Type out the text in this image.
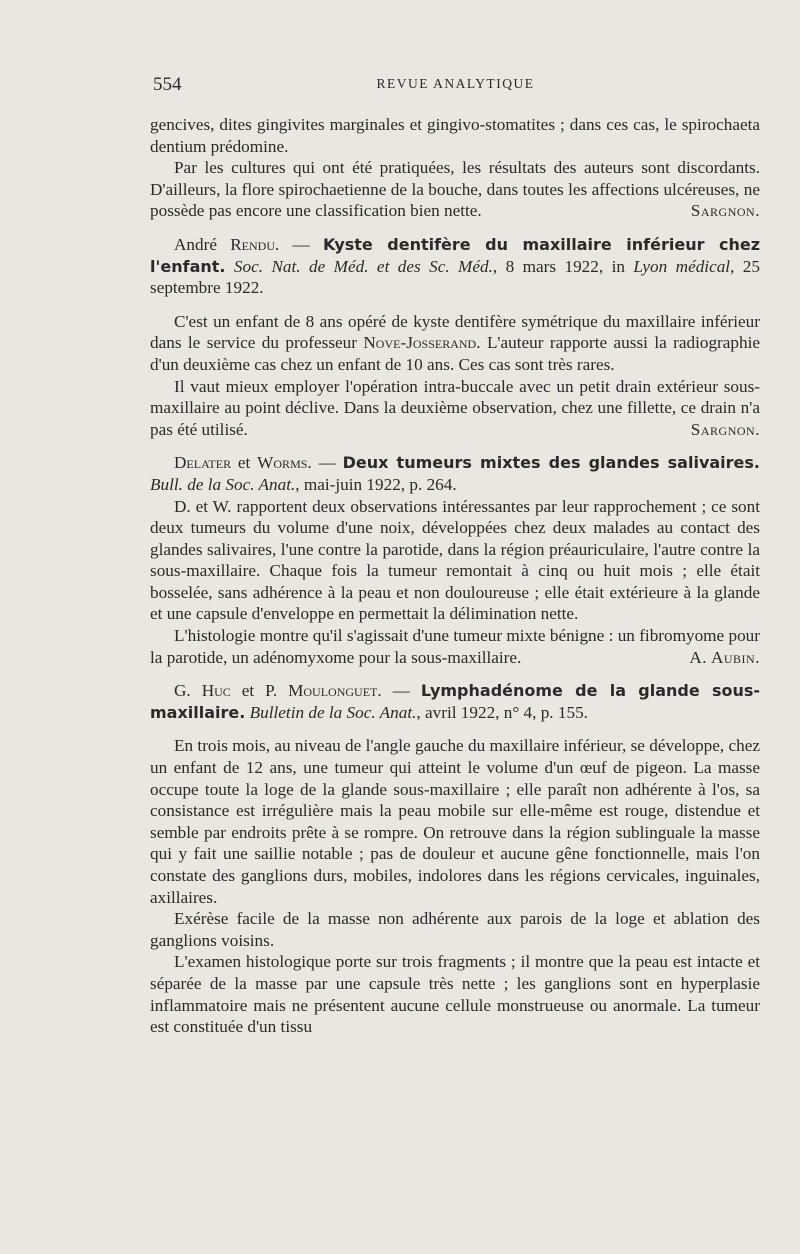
554	REVUE ANALYTIQUE

gencives, dites gingivites marginales et gingivo-stomatites ; dans ces cas, le spirochaeta dentium prédomine.

Par les cultures qui ont été pratiquées, les résultats des auteurs sont discordants. D'ailleurs, la flore spirochaetienne de la bouche, dans toutes les affections ulcéreuses, ne possède pas encore une classification bien nette.	Sargnon.

André Rendu. — Kyste dentifère du maxillaire inférieur chez l'enfant. Soc. Nat. de Méd. et des Sc. Méd., 8 mars 1922, in Lyon médical, 25 septembre 1922.

C'est un enfant de 8 ans opéré de kyste dentifère symétrique du maxillaire inférieur dans le service du professeur Nove-Josserand. L'auteur rapporte aussi la radiographie d'un deuxième cas chez un enfant de 10 ans. Ces cas sont très rares.

Il vaut mieux employer l'opération intra-buccale avec un petit drain extérieur sous-maxillaire au point déclive. Dans la deuxième observation, chez une fillette, ce drain n'a pas été utilisé.	Sargnon.

Delater et Worms. — Deux tumeurs mixtes des glandes salivaires. Bull. de la Soc. Anat., mai-juin 1922, p. 264.

D. et W. rapportent deux observations intéressantes par leur rapprochement ; ce sont deux tumeurs du volume d'une noix, développées chez deux malades au contact des glandes salivaires, l'une contre la parotide, dans la région préauriculaire, l'autre contre la sous-maxillaire. Chaque fois la tumeur remontait à cinq ou huit mois ; elle était bosselée, sans adhérence à la peau et non douloureuse ; elle était extérieure à la glande et une capsule d'enveloppe en permettait la délimination nette.

L'histologie montre qu'il s'agissait d'une tumeur mixte bénigne : un fibromyome pour la parotide, un adénomyxome pour la sous-maxillaire.	A. Aubin.

G. Huc et P. Moulonguet. — Lymphadénome de la glande sous-maxillaire. Bulletin de la Soc. Anat., avril 1922, n° 4, p. 155.

En trois mois, au niveau de l'angle gauche du maxillaire inférieur, se développe, chez un enfant de 12 ans, une tumeur qui atteint le volume d'un œuf de pigeon. La masse occupe toute la loge de la glande sous-maxillaire ; elle paraît non adhérente à l'os, sa consistance est irrégulière mais la peau mobile sur elle-même est rouge, distendue et semble par endroits prête à se rompre. On retrouve dans la région sublinguale la masse qui y fait une saillie notable ; pas de douleur et aucune gêne fonctionnelle, mais l'on constate des ganglions durs, mobiles, indolores dans les régions cervicales, inguinales, axillaires.

Exérèse facile de la masse non adhérente aux parois de la loge et ablation des ganglions voisins.

L'examen histologique porte sur trois fragments ; il montre que la peau est intacte et séparée de la masse par une capsule très nette ; les ganglions sont en hyperplasie inflammatoire mais ne présentent aucune cellule monstrueuse ou anormale. La tumeur est constituée d'un tissu
